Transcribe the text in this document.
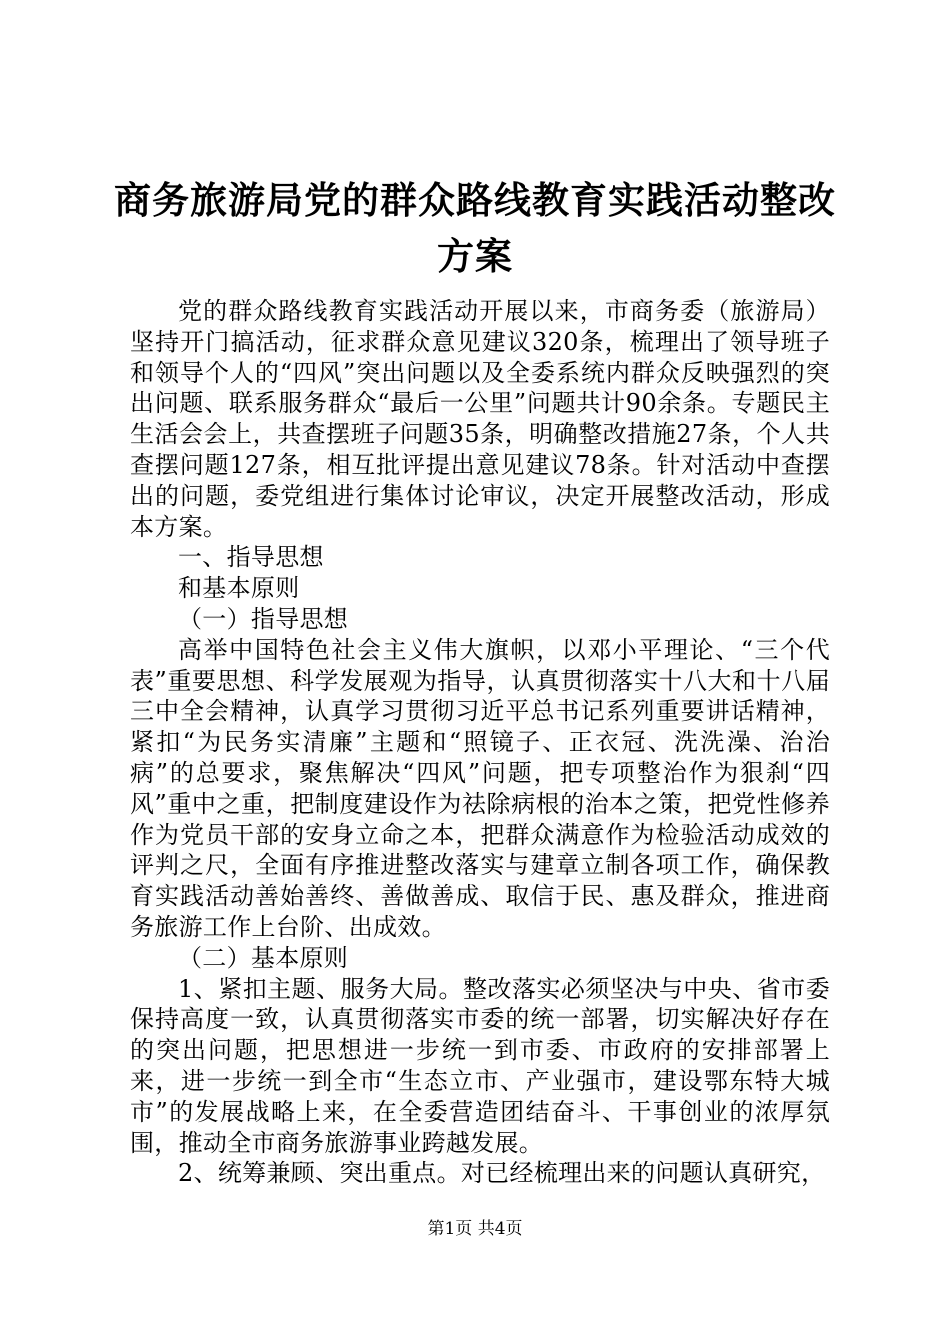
商务旅游局党的群众路线教育实践活动整改方案

党的群众路线教育实践活动开展以来，市商务委（旅游局）坚持开门搞活动，征求群众意见建议320条，梳理出了领导班子和领导个人的“四风”突出问题以及全委系统内群众反映强烈的突出问题、联系服务群众“最后一公里”问题共计90余条。专题民主生活会会上，共查摆班子问题35条，明确整改措施27条，个人共查摆问题127条，相互批评提出意见建议78条。针对活动中查摆出的问题，委党组进行集体讨论审议，决定开展整改活动，形成本方案。

一、指导思想

和基本原则

（一）指导思想

高举中国特色社会主义伟大旗帜，以邓小平理论、“三个代表”重要思想、科学发展观为指导，认真贯彻落实十八大和十八届三中全会精神，认真学习贯彻习近平总书记系列重要讲话精神，紧扣“为民务实清廉”主题和“照镜子、正衣冠、洗洗澡、治治病”的总要求，聚焦解决“四风”问题，把专项整治作为狠刹“四风”重中之重，把制度建设作为祛除病根的治本之策，把党性修养作为党员干部的安身立命之本，把群众满意作为检验活动成效的评判之尺，全面有序推进整改落实与建章立制各项工作，确保教育实践活动善始善终、善做善成、取信于民、惠及群众，推进商务旅游工作上台阶、出成效。

（二）基本原则

1、紧扣主题、服务大局。整改落实必须坚决与中央、省市委保持高度一致，认真贯彻落实市委的统一部署，切实解决好存在的突出问题，把思想进一步统一到市委、市政府的安排部署上来，进一步统一到全市“生态立市、产业强市，建设鄂东特大城市”的发展战略上来，在全委营造团结奋斗、干事创业的浓厚氛围，推动全市商务旅游事业跨越发展。

2、统筹兼顾、突出重点。对已经梳理出来的问题认真研究，

第1页 共4页
